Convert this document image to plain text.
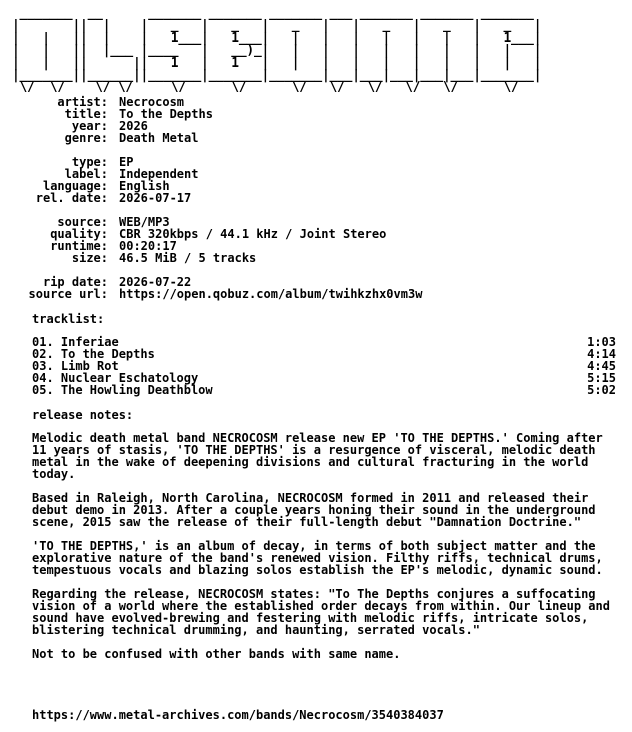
_______  __      _______ _______ _______ ___ _______ _______ _______
|       ||  |    |   _   |   _   |   _   |   |   _   |   _   |   _   |
|   |   ||  |    |   1___|   1___|   |   |   |   |   |   |   |   1___|
|   |   ||  |___ |____   |   __)_|   |   |   |   |   |   |   |   |   |
|   |   ||      ||   1   |   1   |   |   |   |   |   |   |   |   |   |
|_______||______||_______|_______|_______|___|___|___|___|___|_______|
\/  \/    \/ \/     \/      \/      \/   \/   \/   \/   \/      \/
artist: Necrocosm
title: To the Depths
year: 2026
genre: Death Metal
type: EP
label: Independent
language: English
rel. date: 2026-07-17
source: WEB/MP3
quality: CBR 320kbps / 44.1 kHz / Joint Stereo
runtime: 00:20:17
size: 46.5 MiB / 5 tracks
rip date: 2026-07-22
source url: https://open.qobuz.com/album/twihkzhx0vm3w
tracklist:
01. Inferiae	1:03
02. To the Depths	4:14
03. Limb Rot	4:45
04. Nuclear Eschatology	5:15
05. The Howling Deathblow	5:02
release notes:

Melodic death metal band NECROCOSM release new EP 'TO THE DEPTHS.' Coming after 11 years of stasis, 'TO THE DEPTHS' is a resurgence of visceral, melodic death metal in the wake of deepening divisions and cultural fracturing in the world today.

Based in Raleigh, North Carolina, NECROCOSM formed in 2011 and released their debut demo in 2013. After a couple years honing their sound in the underground scene, 2015 saw the release of their full-length debut "Damnation Doctrine."

'TO THE DEPTHS,' is an album of decay, in terms of both subject matter and the explorative nature of the band's renewed vision. Filthy riffs, technical drums, tempestuous vocals and blazing solos establish the EP's melodic, dynamic sound.

Regarding the release, NECROCOSM states: "To The Depths conjures a suffocating vision of a world where the established order decays from within. Our lineup and sound have evolved-brewing and festering with melodic riffs, intricate solos, blistering technical drumming, and haunting, serrated vocals."

Not to be confused with other bands with same name.

https://www.metal-archives.com/bands/Necrocosm/3540384037
